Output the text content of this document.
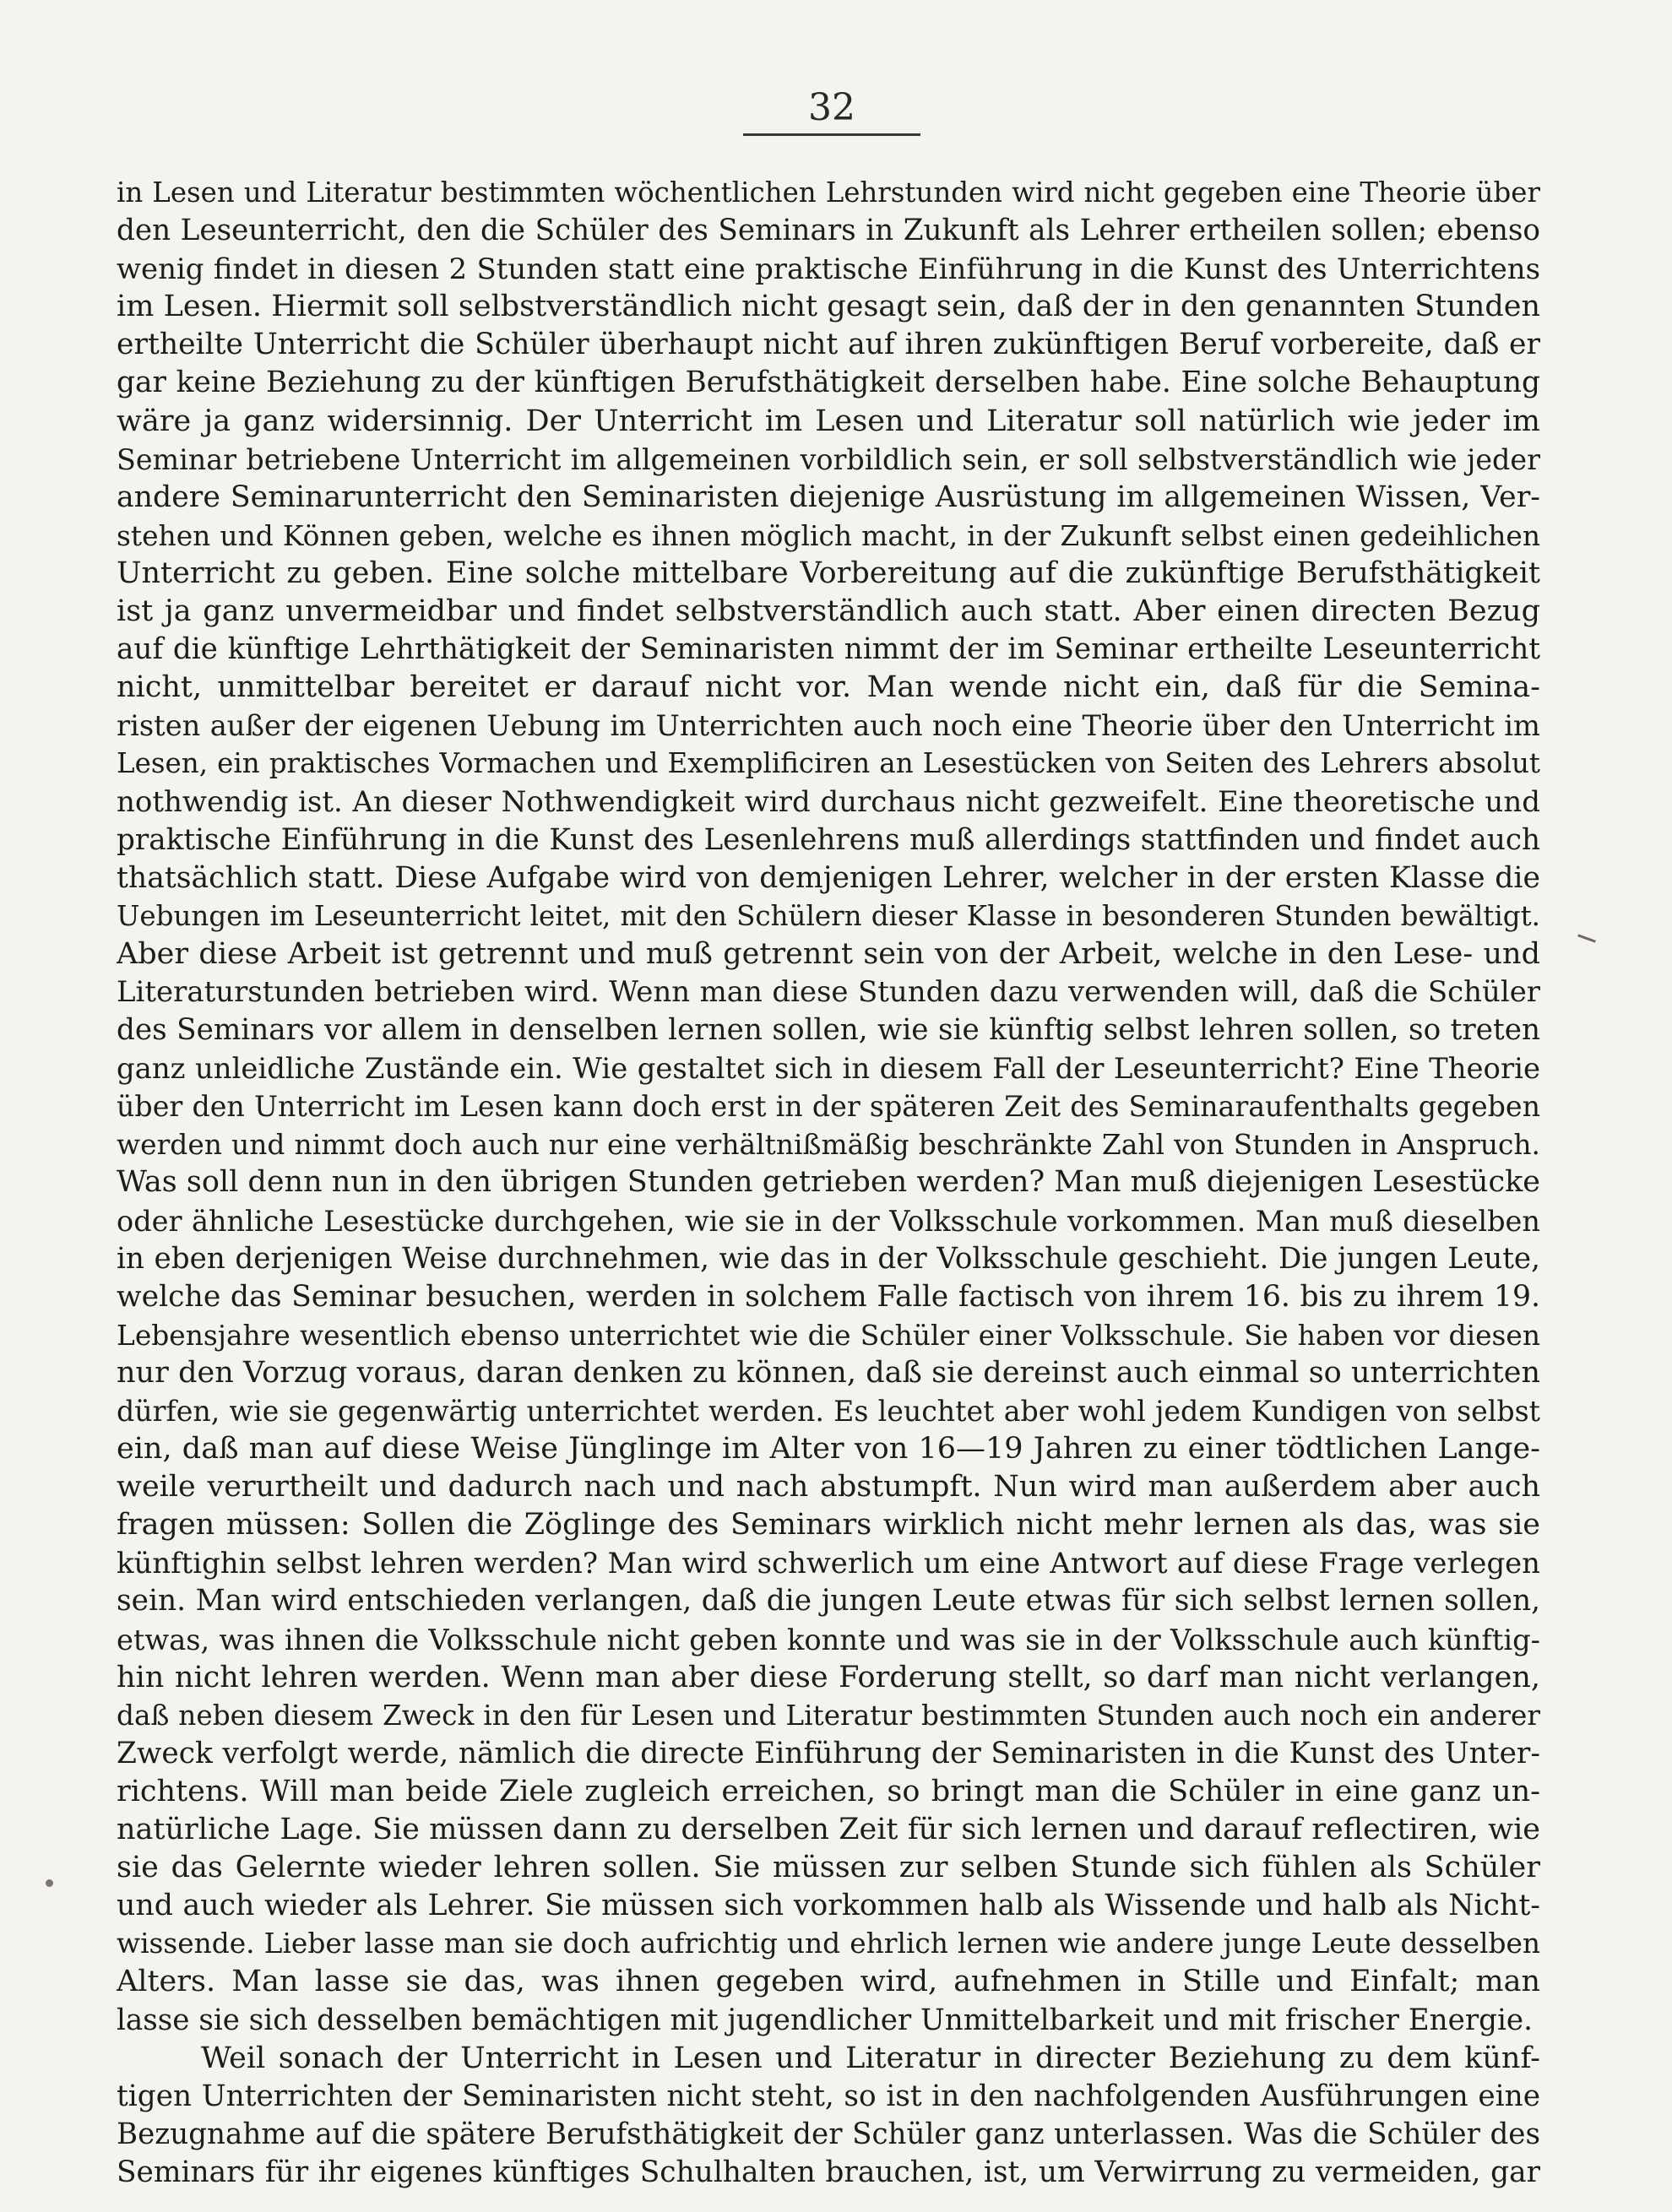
32
in Lesen und Literatur bestimmten wöchentlichen Lehrstunden wird nicht gegeben eine Theorie über
den Leseunterricht, den die Schüler des Seminars in Zukunft als Lehrer ertheilen sollen; ebenso
wenig findet in diesen 2 Stunden statt eine praktische Einführung in die Kunst des Unterrichtens
im Lesen. Hiermit soll selbstverständlich nicht gesagt sein, daß der in den genannten Stunden
ertheilte Unterricht die Schüler überhaupt nicht auf ihren zukünftigen Beruf vorbereite, daß er
gar keine Beziehung zu der künftigen Berufsthätigkeit derselben habe. Eine solche Behauptung
wäre ja ganz widersinnig. Der Unterricht im Lesen und Literatur soll natürlich wie jeder im
Seminar betriebene Unterricht im allgemeinen vorbildlich sein, er soll selbstverständlich wie jeder
andere Seminarunterricht den Seminaristen diejenige Ausrüstung im allgemeinen Wissen, Ver-
stehen und Können geben, welche es ihnen möglich macht, in der Zukunft selbst einen gedeihlichen
Unterricht zu geben. Eine solche mittelbare Vorbereitung auf die zukünftige Berufsthätigkeit
ist ja ganz unvermeidbar und findet selbstverständlich auch statt. Aber einen directen Bezug
auf die künftige Lehrthätigkeit der Seminaristen nimmt der im Seminar ertheilte Leseunterricht
nicht, unmittelbar bereitet er darauf nicht vor. Man wende nicht ein, daß für die Semina-
risten außer der eigenen Uebung im Unterrichten auch noch eine Theorie über den Unterricht im
Lesen, ein praktisches Vormachen und Exemplificiren an Lesestücken von Seiten des Lehrers absolut
nothwendig ist. An dieser Nothwendigkeit wird durchaus nicht gezweifelt. Eine theoretische und
praktische Einführung in die Kunst des Lesenlehrens muß allerdings stattfinden und findet auch
thatsächlich statt. Diese Aufgabe wird von demjenigen Lehrer, welcher in der ersten Klasse die
Uebungen im Leseunterricht leitet, mit den Schülern dieser Klasse in besonderen Stunden bewältigt.
Aber diese Arbeit ist getrennt und muß getrennt sein von der Arbeit, welche in den Lese- und
Literaturstunden betrieben wird. Wenn man diese Stunden dazu verwenden will, daß die Schüler
des Seminars vor allem in denselben lernen sollen, wie sie künftig selbst lehren sollen, so treten
ganz unleidliche Zustände ein. Wie gestaltet sich in diesem Fall der Leseunterricht? Eine Theorie
über den Unterricht im Lesen kann doch erst in der späteren Zeit des Seminaraufenthalts gegeben
werden und nimmt doch auch nur eine verhältnißmäßig beschränkte Zahl von Stunden in Anspruch.
Was soll denn nun in den übrigen Stunden getrieben werden? Man muß diejenigen Lesestücke
oder ähnliche Lesestücke durchgehen, wie sie in der Volksschule vorkommen. Man muß dieselben
in eben derjenigen Weise durchnehmen, wie das in der Volksschule geschieht. Die jungen Leute,
welche das Seminar besuchen, werden in solchem Falle factisch von ihrem 16. bis zu ihrem 19.
Lebensjahre wesentlich ebenso unterrichtet wie die Schüler einer Volksschule. Sie haben vor diesen
nur den Vorzug voraus, daran denken zu können, daß sie dereinst auch einmal so unterrichten
dürfen, wie sie gegenwärtig unterrichtet werden. Es leuchtet aber wohl jedem Kundigen von selbst
ein, daß man auf diese Weise Jünglinge im Alter von 16—19 Jahren zu einer tödtlichen Lange-
weile verurtheilt und dadurch nach und nach abstumpft. Nun wird man außerdem aber auch
fragen müssen: Sollen die Zöglinge des Seminars wirklich nicht mehr lernen als das, was sie
künftighin selbst lehren werden? Man wird schwerlich um eine Antwort auf diese Frage verlegen
sein. Man wird entschieden verlangen, daß die jungen Leute etwas für sich selbst lernen sollen,
etwas, was ihnen die Volksschule nicht geben konnte und was sie in der Volksschule auch künftig-
hin nicht lehren werden. Wenn man aber diese Forderung stellt, so darf man nicht verlangen,
daß neben diesem Zweck in den für Lesen und Literatur bestimmten Stunden auch noch ein anderer
Zweck verfolgt werde, nämlich die directe Einführung der Seminaristen in die Kunst des Unter-
richtens. Will man beide Ziele zugleich erreichen, so bringt man die Schüler in eine ganz un-
natürliche Lage. Sie müssen dann zu derselben Zeit für sich lernen und darauf reflectiren, wie
sie das Gelernte wieder lehren sollen. Sie müssen zur selben Stunde sich fühlen als Schüler
und auch wieder als Lehrer. Sie müssen sich vorkommen halb als Wissende und halb als Nicht-
wissende. Lieber lasse man sie doch aufrichtig und ehrlich lernen wie andere junge Leute desselben
Alters. Man lasse sie das, was ihnen gegeben wird, aufnehmen in Stille und Einfalt; man
lasse sie sich desselben bemächtigen mit jugendlicher Unmittelbarkeit und mit frischer Energie.
Weil sonach der Unterricht in Lesen und Literatur in directer Beziehung zu dem künf-
tigen Unterrichten der Seminaristen nicht steht, so ist in den nachfolgenden Ausführungen eine
Bezugnahme auf die spätere Berufsthätigkeit der Schüler ganz unterlassen. Was die Schüler des
Seminars für ihr eigenes künftiges Schulhalten brauchen, ist, um Verwirrung zu vermeiden, gar
